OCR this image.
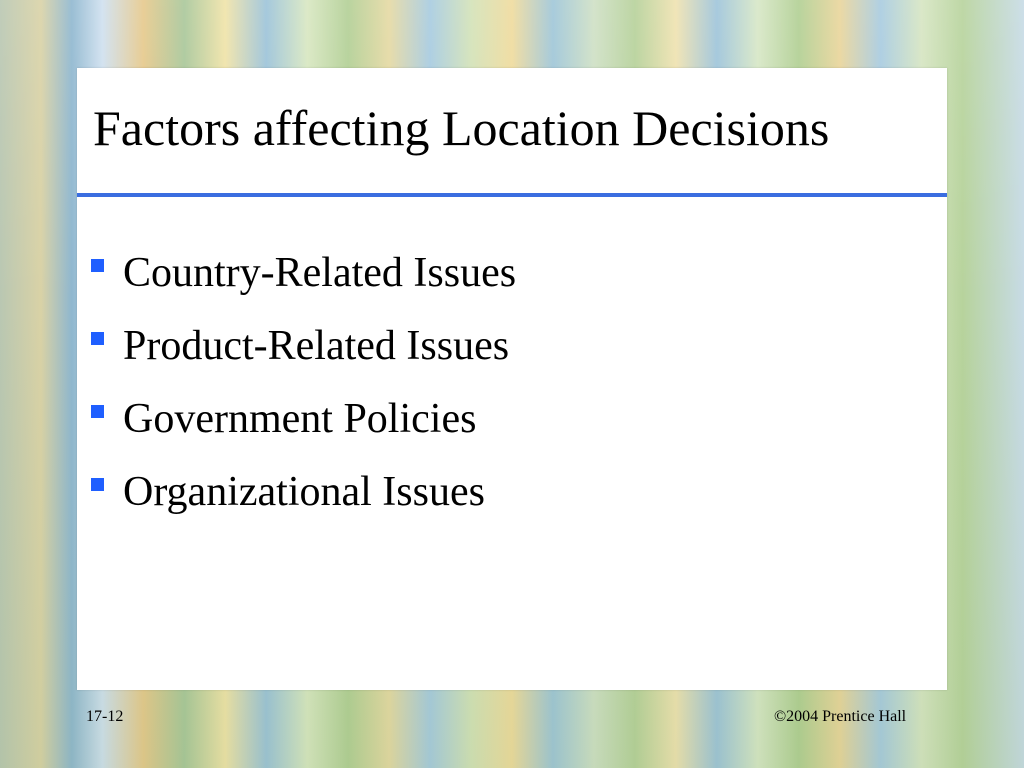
Factors affecting Location Decisions
Country-Related Issues
Product-Related Issues
Government Policies
Organizational Issues
17-12	©2004 Prentice Hall
